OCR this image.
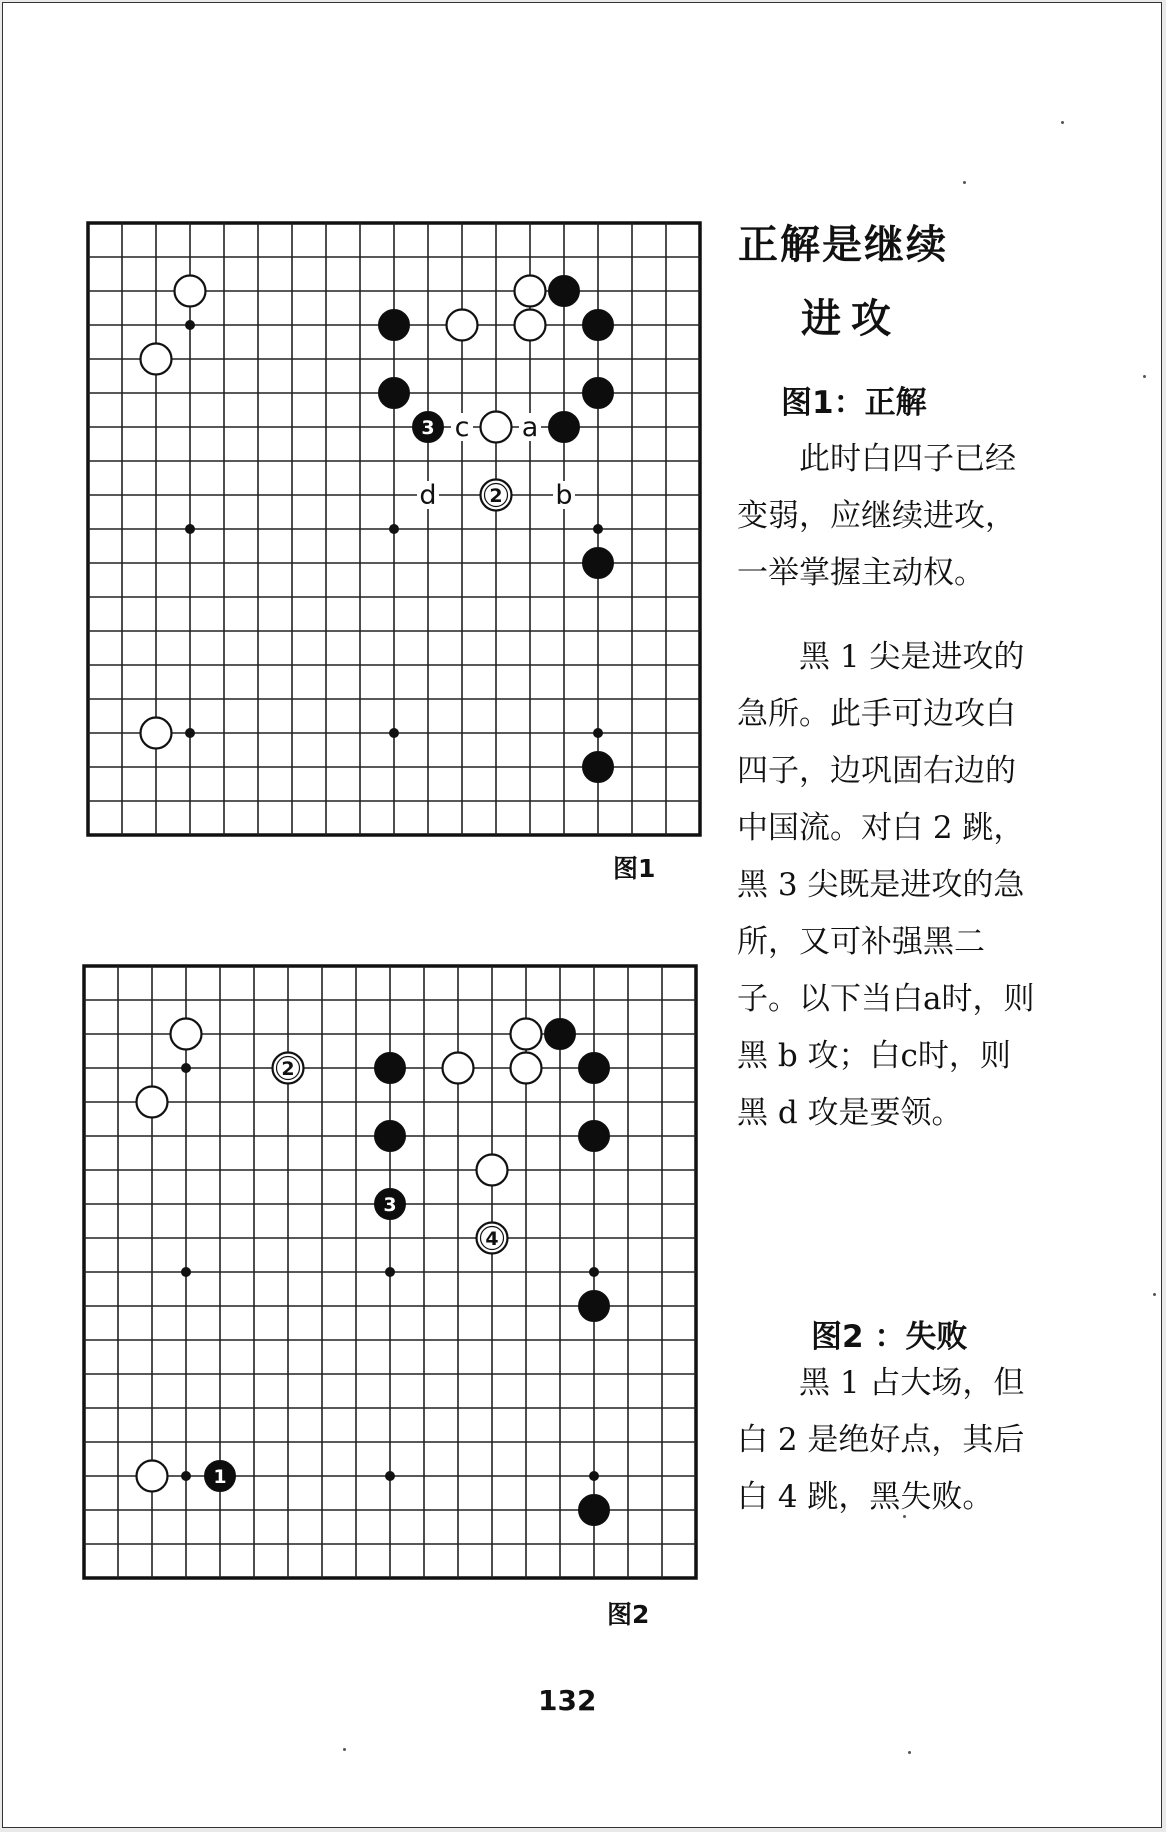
c a
d	b
3
2
图1
2
3
4
1
图2
正解是继续
进攻
图1：正解

此时白四子已经变弱，应继续进攻，一举掌握主动权。

黑 1 尖是进攻的急所。此手可边攻白四子，边巩固右边的中国流。对白 2 跳，黑 3 尖既是进攻的急所，又可补强黑二子。以下当白a时，则黑 b 攻；白c时，则黑 d 攻是要领。

图2 ：失败

黑 1 占大场，但白 2 是绝好点，其后白 4 跳，黑失败。

132
